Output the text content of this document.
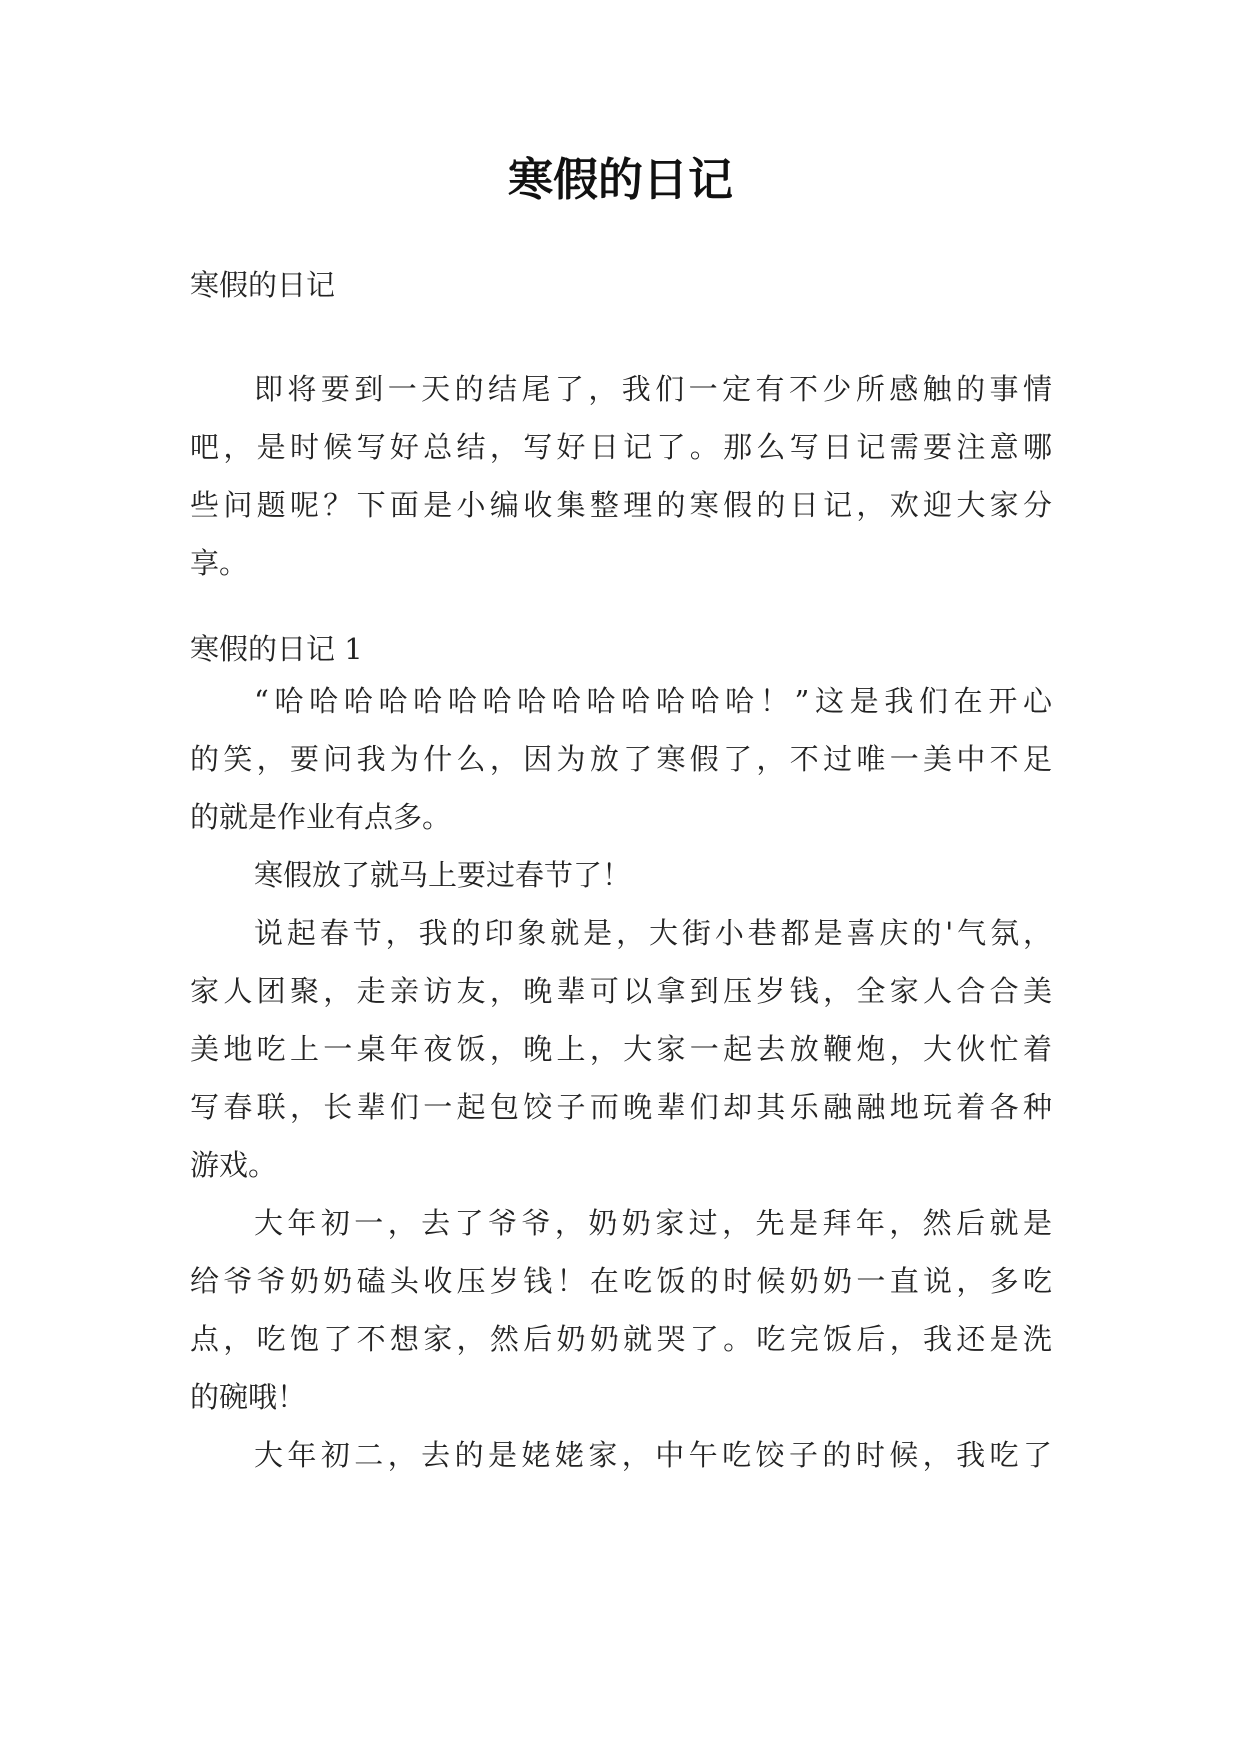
寒假的日记
寒假的日记
即将要到一天的结尾了，我们一定有不少所感触的事情
吧，是时候写好总结，写好日记了。那么写日记需要注意哪
些问题呢？下面是小编收集整理的寒假的日记，欢迎大家分
享。
寒假的日记 1
“哈哈哈哈哈哈哈哈哈哈哈哈哈哈！”这是我们在开心
的笑，要问我为什么，因为放了寒假了，不过唯一美中不足
的就是作业有点多。
寒假放了就马上要过春节了！
说起春节，我的印象就是，大街小巷都是喜庆的'气氛，
家人团聚，走亲访友，晚辈可以拿到压岁钱，全家人合合美
美地吃上一桌年夜饭，晚上，大家一起去放鞭炮，大伙忙着
写春联，长辈们一起包饺子而晚辈们却其乐融融地玩着各种
游戏。
大年初一，去了爷爷，奶奶家过，先是拜年，然后就是
给爷爷奶奶磕头收压岁钱！在吃饭的时候奶奶一直说，多吃
点，吃饱了不想家，然后奶奶就哭了。吃完饭后，我还是洗
的碗哦！
大年初二，去的是姥姥家，中午吃饺子的时候，我吃了
